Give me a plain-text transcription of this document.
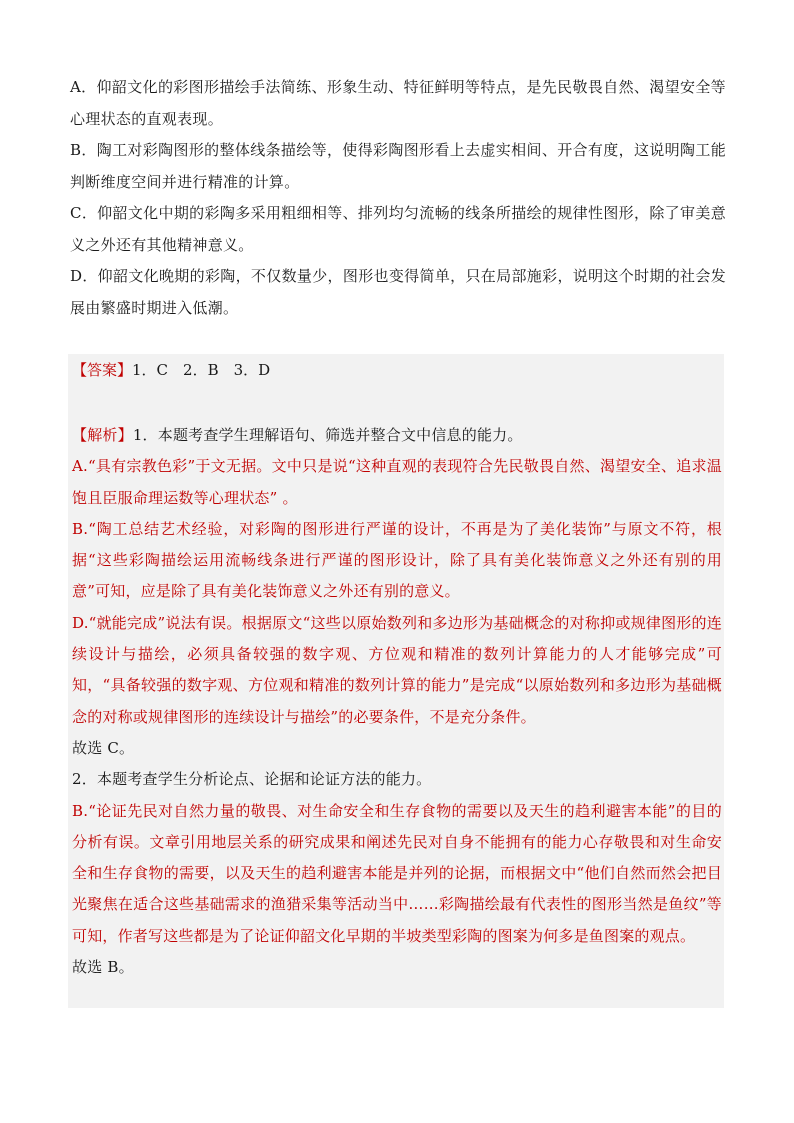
A．仰韶文化的彩图形描绘手法简练、形象生动、特征鲜明等特点，是先民敬畏自然、渴望安全等心理状态的直观表现。

B．陶工对彩陶图形的整体线条描绘等，使得彩陶图形看上去虚实相间、开合有度，这说明陶工能判断维度空间并进行精准的计算。

C．仰韶文化中期的彩陶多采用粗细相等、排列均匀流畅的线条所描绘的规律性图形，除了审美意义之外还有其他精神意义。

D．仰韶文化晚期的彩陶，不仅数量少，图形也变得简单，只在局部施彩，说明这个时期的社会发展由繁盛时期进入低潮。

【答案】1．C　2．B　3．D

【解析】1．本题考查学生理解语句、筛选并整合文中信息的能力。

A.“具有宗教色彩”于文无据。文中只是说“这种直观的表现符合先民敬畏自然、渴望安全、追求温饱且臣服命理运数等心理状态” 。

B.“陶工总结艺术经验，对彩陶的图形进行严谨的设计，不再是为了美化装饰”与原文不符，根据“这些彩陶描绘运用流畅线条进行严谨的图形设计，除了具有美化装饰意义之外还有别的用意”可知，应是除了具有美化装饰意义之外还有别的意义。

D.“就能完成”说法有误。根据原文“这些以原始数列和多边形为基础概念的对称抑或规律图形的连续设计与描绘，必须具备较强的数字观、方位观和精准的数列计算能力的人才能够完成”可知，“具备较强的数字观、方位观和精准的数列计算的能力”是完成“以原始数列和多边形为基础概念的对称或规律图形的连续设计与描绘”的必要条件，不是充分条件。

故选 C。

2．本题考查学生分析论点、论据和论证方法的能力。

B.“论证先民对自然力量的敬畏、对生命安全和生存食物的需要以及天生的趋利避害本能”的目的分析有误。文章引用地层关系的研究成果和阐述先民对自身不能拥有的能力心存敬畏和对生命安全和生存食物的需要，以及天生的趋利避害本能是并列的论据，而根据文中“他们自然而然会把目光聚焦在适合这些基础需求的渔猎采集等活动当中……彩陶描绘最有代表性的图形当然是鱼纹”等可知，作者写这些都是为了论证仰韶文化早期的半坡类型彩陶的图案为何多是鱼图案的观点。

故选 B。
